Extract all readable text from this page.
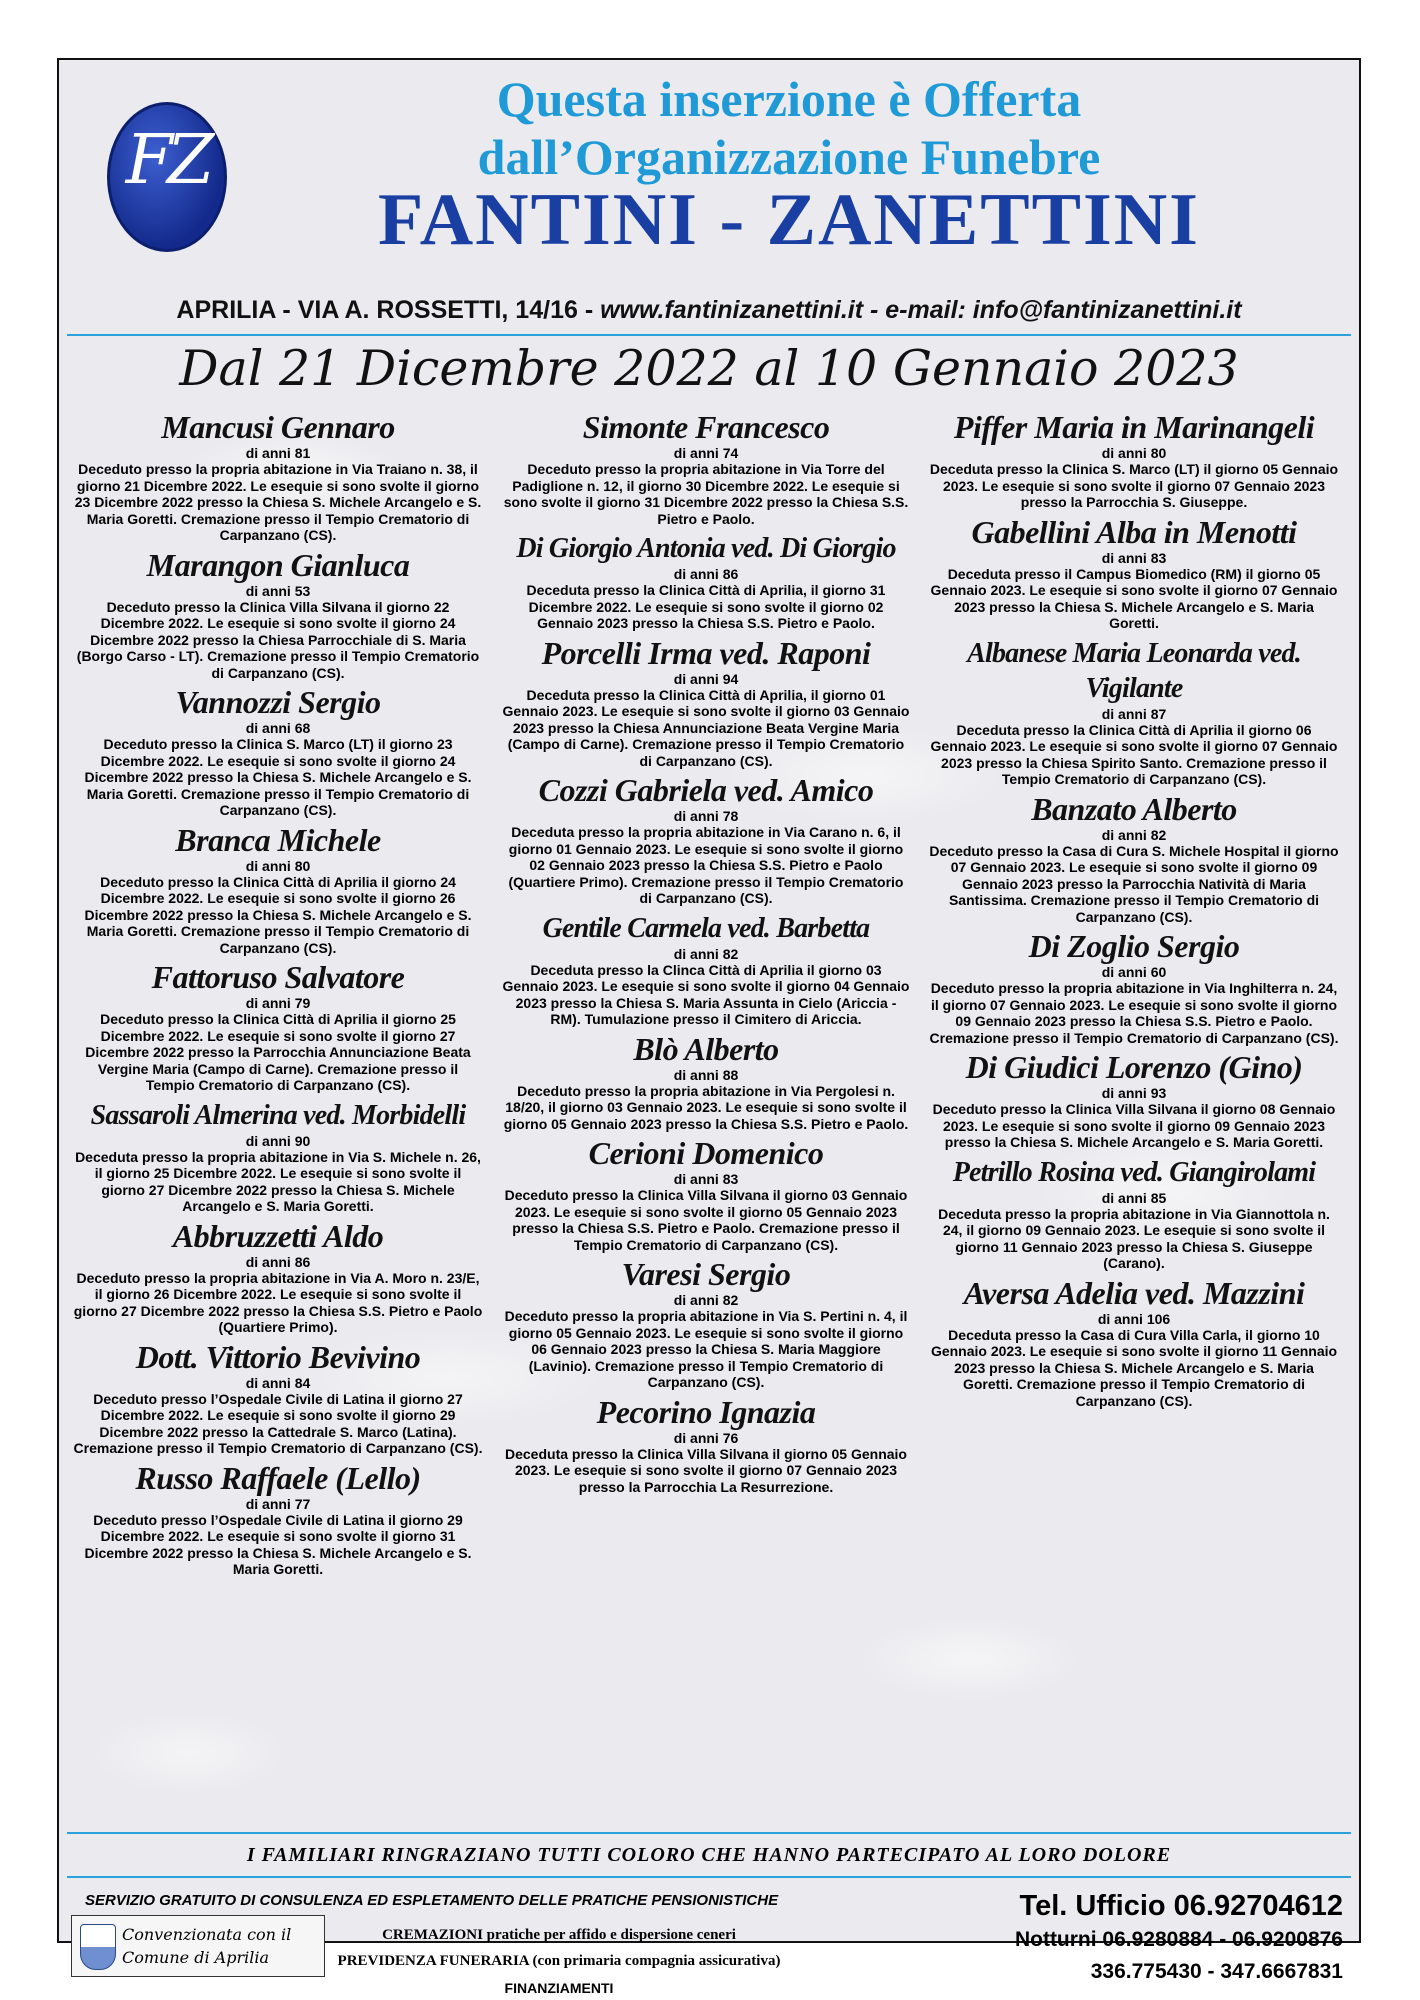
FZ
Questa inserzione è Offerta
dall’Organizzazione Funebre
FANTINI - ZANETTINI
APRILIA - VIA A. ROSSETTI, 14/16 - www.fantinizanettini.it - e-mail: info@fantinizanettini.it
Dal 21 Dicembre 2022 al 10 Gennaio 2023
Mancusi Gennaro
di anni 81
Deceduto presso la propria abitazione in Via Traiano n. 38, il giorno 21 Dicembre 2022. Le esequie si sono svolte il giorno 23 Dicembre 2022 presso la Chiesa S. Michele Arcangelo e S. Maria Goretti. Cremazione presso il Tempio Crematorio di Carpanzano (CS).
Marangon Gianluca
di anni 53
Deceduto presso la Clinica Villa Silvana il giorno 22 Dicembre 2022. Le esequie si sono svolte il giorno 24 Dicembre 2022 presso la Chiesa Parrocchiale di S. Maria (Borgo Carso - LT). Cremazione presso il Tempio Crematorio di Carpanzano (CS).
Vannozzi Sergio
di anni 68
Deceduto presso la Clinica S. Marco (LT) il giorno 23 Dicembre 2022. Le esequie si sono svolte il giorno 24 Dicembre 2022 presso la Chiesa S. Michele Arcangelo e S. Maria Goretti. Cremazione presso il Tempio Crematorio di Carpanzano (CS).
Branca Michele
di anni 80
Deceduto presso la Clinica Città di Aprilia il giorno 24 Dicembre 2022. Le esequie si sono svolte il giorno 26 Dicembre 2022 presso la Chiesa S. Michele Arcangelo e S. Maria Goretti. Cremazione presso il Tempio Crematorio di Carpanzano (CS).
Fattoruso Salvatore
di anni 79
Deceduto presso la Clinica Città di Aprilia il giorno 25 Dicembre 2022. Le esequie si sono svolte il giorno 27 Dicembre 2022 presso la Parrocchia Annunciazione Beata Vergine Maria (Campo di Carne). Cremazione presso il Tempio Crematorio di Carpanzano (CS).
Sassaroli Almerina ved. Morbidelli
di anni 90
Deceduta presso la propria abitazione in Via S. Michele n. 26, il giorno 25 Dicembre 2022. Le esequie si sono svolte il giorno 27 Dicembre 2022 presso la Chiesa S. Michele Arcangelo e S. Maria Goretti.
Abbruzzetti Aldo
di anni 86
Deceduto presso la propria abitazione in Via A. Moro n. 23/E, il giorno 26 Dicembre 2022. Le esequie si sono svolte il giorno 27 Dicembre 2022 presso la Chiesa S.S. Pietro e Paolo (Quartiere Primo).
Dott. Vittorio Bevivino
di anni 84
Deceduto presso l’Ospedale Civile di Latina il giorno 27 Dicembre 2022. Le esequie si sono svolte il giorno 29 Dicembre 2022 presso la Cattedrale S. Marco (Latina). Cremazione presso il Tempio Crematorio di Carpanzano (CS).
Russo Raffaele (Lello)
di anni 77
Deceduto presso l’Ospedale Civile di Latina il giorno 29 Dicembre 2022. Le esequie si sono svolte il giorno 31 Dicembre 2022 presso la Chiesa S. Michele Arcangelo e S. Maria Goretti.
Simonte Francesco
di anni 74
Deceduto presso la propria abitazione in Via Torre del Padiglione n. 12, il giorno 30 Dicembre 2022. Le esequie si sono svolte il giorno 31 Dicembre 2022 presso la Chiesa S.S. Pietro e Paolo.
Di Giorgio Antonia ved. Di Giorgio
di anni 86
Deceduta presso la Clinica Città di Aprilia, il giorno 31 Dicembre 2022. Le esequie si sono svolte il giorno 02 Gennaio 2023 presso la Chiesa S.S. Pietro e Paolo.
Porcelli Irma ved. Raponi
di anni 94
Deceduta presso la Clinica Città di Aprilia, il giorno 01 Gennaio 2023. Le esequie si sono svolte il giorno 03 Gennaio 2023 presso la Chiesa Annunciazione Beata Vergine Maria (Campo di Carne). Cremazione presso il Tempio Crematorio di Carpanzano (CS).
Cozzi Gabriela ved. Amico
di anni 78
Deceduta presso la propria abitazione in Via Carano n. 6, il giorno 01 Gennaio 2023. Le esequie si sono svolte il giorno 02 Gennaio 2023 presso la Chiesa S.S. Pietro e Paolo (Quartiere Primo). Cremazione presso il Tempio Crematorio di Carpanzano (CS).
Gentile Carmela ved. Barbetta
di anni 82
Deceduta presso la Clinca Città di Aprilia il giorno 03 Gennaio 2023. Le esequie si sono svolte il giorno 04 Gennaio 2023 presso la Chiesa S. Maria Assunta in Cielo (Ariccia - RM). Tumulazione presso il Cimitero di Ariccia.
Blò Alberto
di anni 88
Deceduto presso la propria abitazione in Via Pergolesi n. 18/20, il giorno 03 Gennaio 2023. Le esequie si sono svolte il giorno 05 Gennaio 2023 presso la Chiesa S.S. Pietro e Paolo.
Cerioni Domenico
di anni 83
Deceduto presso la Clinica Villa Silvana il giorno 03 Gennaio 2023. Le esequie si sono svolte il giorno 05 Gennaio 2023 presso la Chiesa S.S. Pietro e Paolo. Cremazione presso il Tempio Crematorio di Carpanzano (CS).
Varesi Sergio
di anni 82
Deceduto presso la propria abitazione in Via S. Pertini n. 4, il giorno 05 Gennaio 2023. Le esequie si sono svolte il giorno 06 Gennaio 2023 presso la Chiesa S. Maria Maggiore (Lavinio). Cremazione presso il Tempio Crematorio di Carpanzano (CS).
Pecorino Ignazia
di anni 76
Deceduta presso la Clinica Villa Silvana il giorno 05 Gennaio 2023. Le esequie si sono svolte il giorno 07 Gennaio 2023 presso la Parrocchia La Resurrezione.
Piffer Maria in Marinangeli
di anni 80
Deceduta presso la Clinica S. Marco (LT) il giorno 05 Gennaio 2023. Le esequie si sono svolte il giorno 07 Gennaio 2023 presso la Parrocchia S. Giuseppe.
Gabellini Alba in Menotti
di anni 83
Deceduta presso il Campus Biomedico (RM) il giorno 05 Gennaio 2023. Le esequie si sono svolte il giorno 07 Gennaio 2023 presso la Chiesa S. Michele Arcangelo e S. Maria Goretti.
Albanese Maria Leonarda ved. Vigilante
di anni 87
Deceduta presso la Clinica Città di Aprilia il giorno 06 Gennaio 2023. Le esequie si sono svolte il giorno 07 Gennaio 2023 presso la Chiesa Spirito Santo. Cremazione presso il Tempio Crematorio di Carpanzano (CS).
Banzato Alberto
di anni 82
Deceduto presso la Casa di Cura S. Michele Hospital il giorno 07 Gennaio 2023. Le esequie si sono svolte il giorno 09 Gennaio 2023 presso la Parrocchia Natività di Maria Santissima. Cremazione presso il Tempio Crematorio di Carpanzano (CS).
Di Zoglio Sergio
di anni 60
Deceduto presso la propria abitazione in Via Inghilterra n. 24, il giorno 07 Gennaio 2023. Le esequie si sono svolte il giorno 09 Gennaio 2023 presso la Chiesa S.S. Pietro e Paolo. Cremazione presso il Tempio Crematorio di Carpanzano (CS).
Di Giudici Lorenzo (Gino)
di anni 93
Deceduto presso la Clinica Villa Silvana il giorno 08 Gennaio 2023. Le esequie si sono svolte il giorno 09 Gennaio 2023 presso la Chiesa S. Michele Arcangelo e S. Maria Goretti.
Petrillo Rosina ved. Giangirolami
di anni 85
Deceduta presso la propria abitazione in Via Giannottola n. 24, il giorno 09 Gennaio 2023. Le esequie si sono svolte il giorno 11 Gennaio 2023 presso la Chiesa S. Giuseppe (Carano).
Aversa Adelia ved. Mazzini
di anni 106
Deceduta presso la Casa di Cura Villa Carla, il giorno 10 Gennaio 2023. Le esequie si sono svolte il giorno 11 Gennaio 2023 presso la Chiesa S. Michele Arcangelo e S. Maria Goretti. Cremazione presso il Tempio Crematorio di Carpanzano (CS).
I FAMILIARI RINGRAZIANO TUTTI COLORO CHE HANNO PARTECIPATO AL LORO DOLORE
SERVIZIO GRATUITO DI CONSULENZA ED ESPLETAMENTO DELLE PRATICHE PENSIONISTICHE
Convenzionata con il
Comune di Aprilia
CREMAZIONI pratiche per affido e dispersione ceneri
PREVIDENZA FUNERARIA (con primaria compagnia assicurativa)
FINANZIAMENTI
Tel. Ufficio 06.92704612
Notturni 06.9280884 - 06.9200876
336.775430 - 347.6667831
